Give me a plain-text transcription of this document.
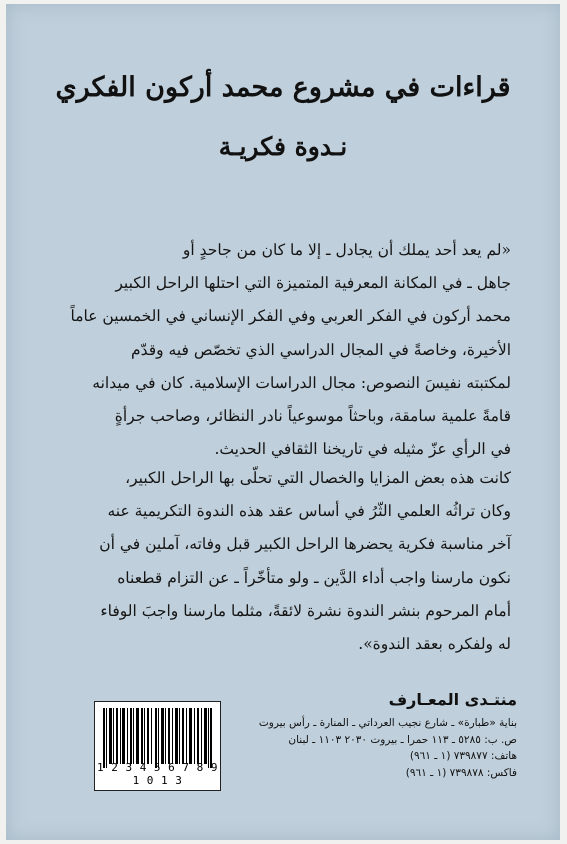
قراءات في مشروع محمد أركون الفكري
نـدوة فكريـة

«لم يعد أحد يملك أن يجادل ـ إلا ما كان من جاحدٍ أو

جاهل ـ في المكانة المعرفية المتميزة التي احتلها الراحل الكبير

محمد أركون في الفكر العربي وفي الفكر الإنساني في الخمسين عاماً

الأخيرة، وخاصةً في المجال الدراسي الذي تخصّص فيه وقدّم

لمكتبته نفيسَ النصوص: مجال الدراسات الإسلامية. كان في ميدانه

قامةً علمية سامقة، وباحثاً موسوعياً نادر النظائر، وصاحب جرأةٍ

في الرأي عزّ مثيله في تاريخنا الثقافي الحديث.

كانت هذه بعض المزايا والخصال التي تحلّى بها الراحل الكبير،

وكان تراثُه العلمي الثّرُ في أساس عقد هذه الندوة التكريمية عنه

آخر مناسبة فكرية يحضرها الراحل الكبير قبل وفاته، آملين في أن

نكون مارسنا واجب أداء الدَّين ـ ولو متأخّراً ـ عن التزام قطعناه

أمام المرحوم بنشر الندوة نشرة لائقةً، مثلما مارسنا واجبَ الوفاء

له ولفكره بعقد الندوة».

1 2 3 4 5 6 7 8 9 1 0 1 3
منتـدى المعـارف
بناية «طبارة» ـ شارع نجيب العرداتي ـ المنارة ـ رأس بيروت
ص. ب: ٥٢٨٥ ـ ١١٣ حمرا ـ بيروت ٢٠٣٠ ١١٠٣ ـ لبنان
هاتف: ٧٣٩٨٧٧ (١ ـ ٩٦١)
فاكس: ٧٣٩٨٧٨ (١ ـ ٩٦١)
